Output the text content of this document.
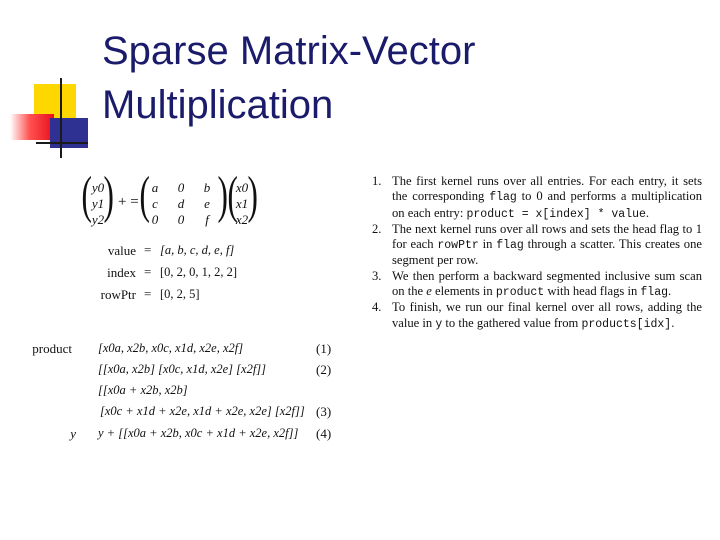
Sparse Matrix-Vector Multiplication
( y0
y1
y2 ) + = ( a	0	b
c	d	e
0	0	f ) (
x0
x1
x2 )
value = [a, b, c, d, e, f]
index = [0, 2, 0, 1, 2, 2]
rowPtr = [0, 2, 5]
product [x0a, x2b, x0c, x1d, x2e, x2f]	(1)
[[x0a, x2b] [x0c, x1d, x2e] [x2f]]	(2)
[[x0a + x2b, x2b]
[x0c + x1d + x2e, x1d + x2e, x2e] [x2f]] (3)
y y + [[x0a + x2b, x0c + x1d + x2e, x2f]] (4)
1. The first kernel runs over all entries. For each entry, it sets the corresponding flag to 0 and performs a multiplication on each entry: product = x[index] * value.
2. The next kernel runs over all rows and sets the head flag to 1 for each rowPtr in flag through a scatter. This creates one segment per row.
3. We then perform a backward segmented inclusive sum scan on the e elements in product with head flags in flag.
4. To finish, we run our final kernel over all rows, adding the value in y to the gathered value from products[idx].
